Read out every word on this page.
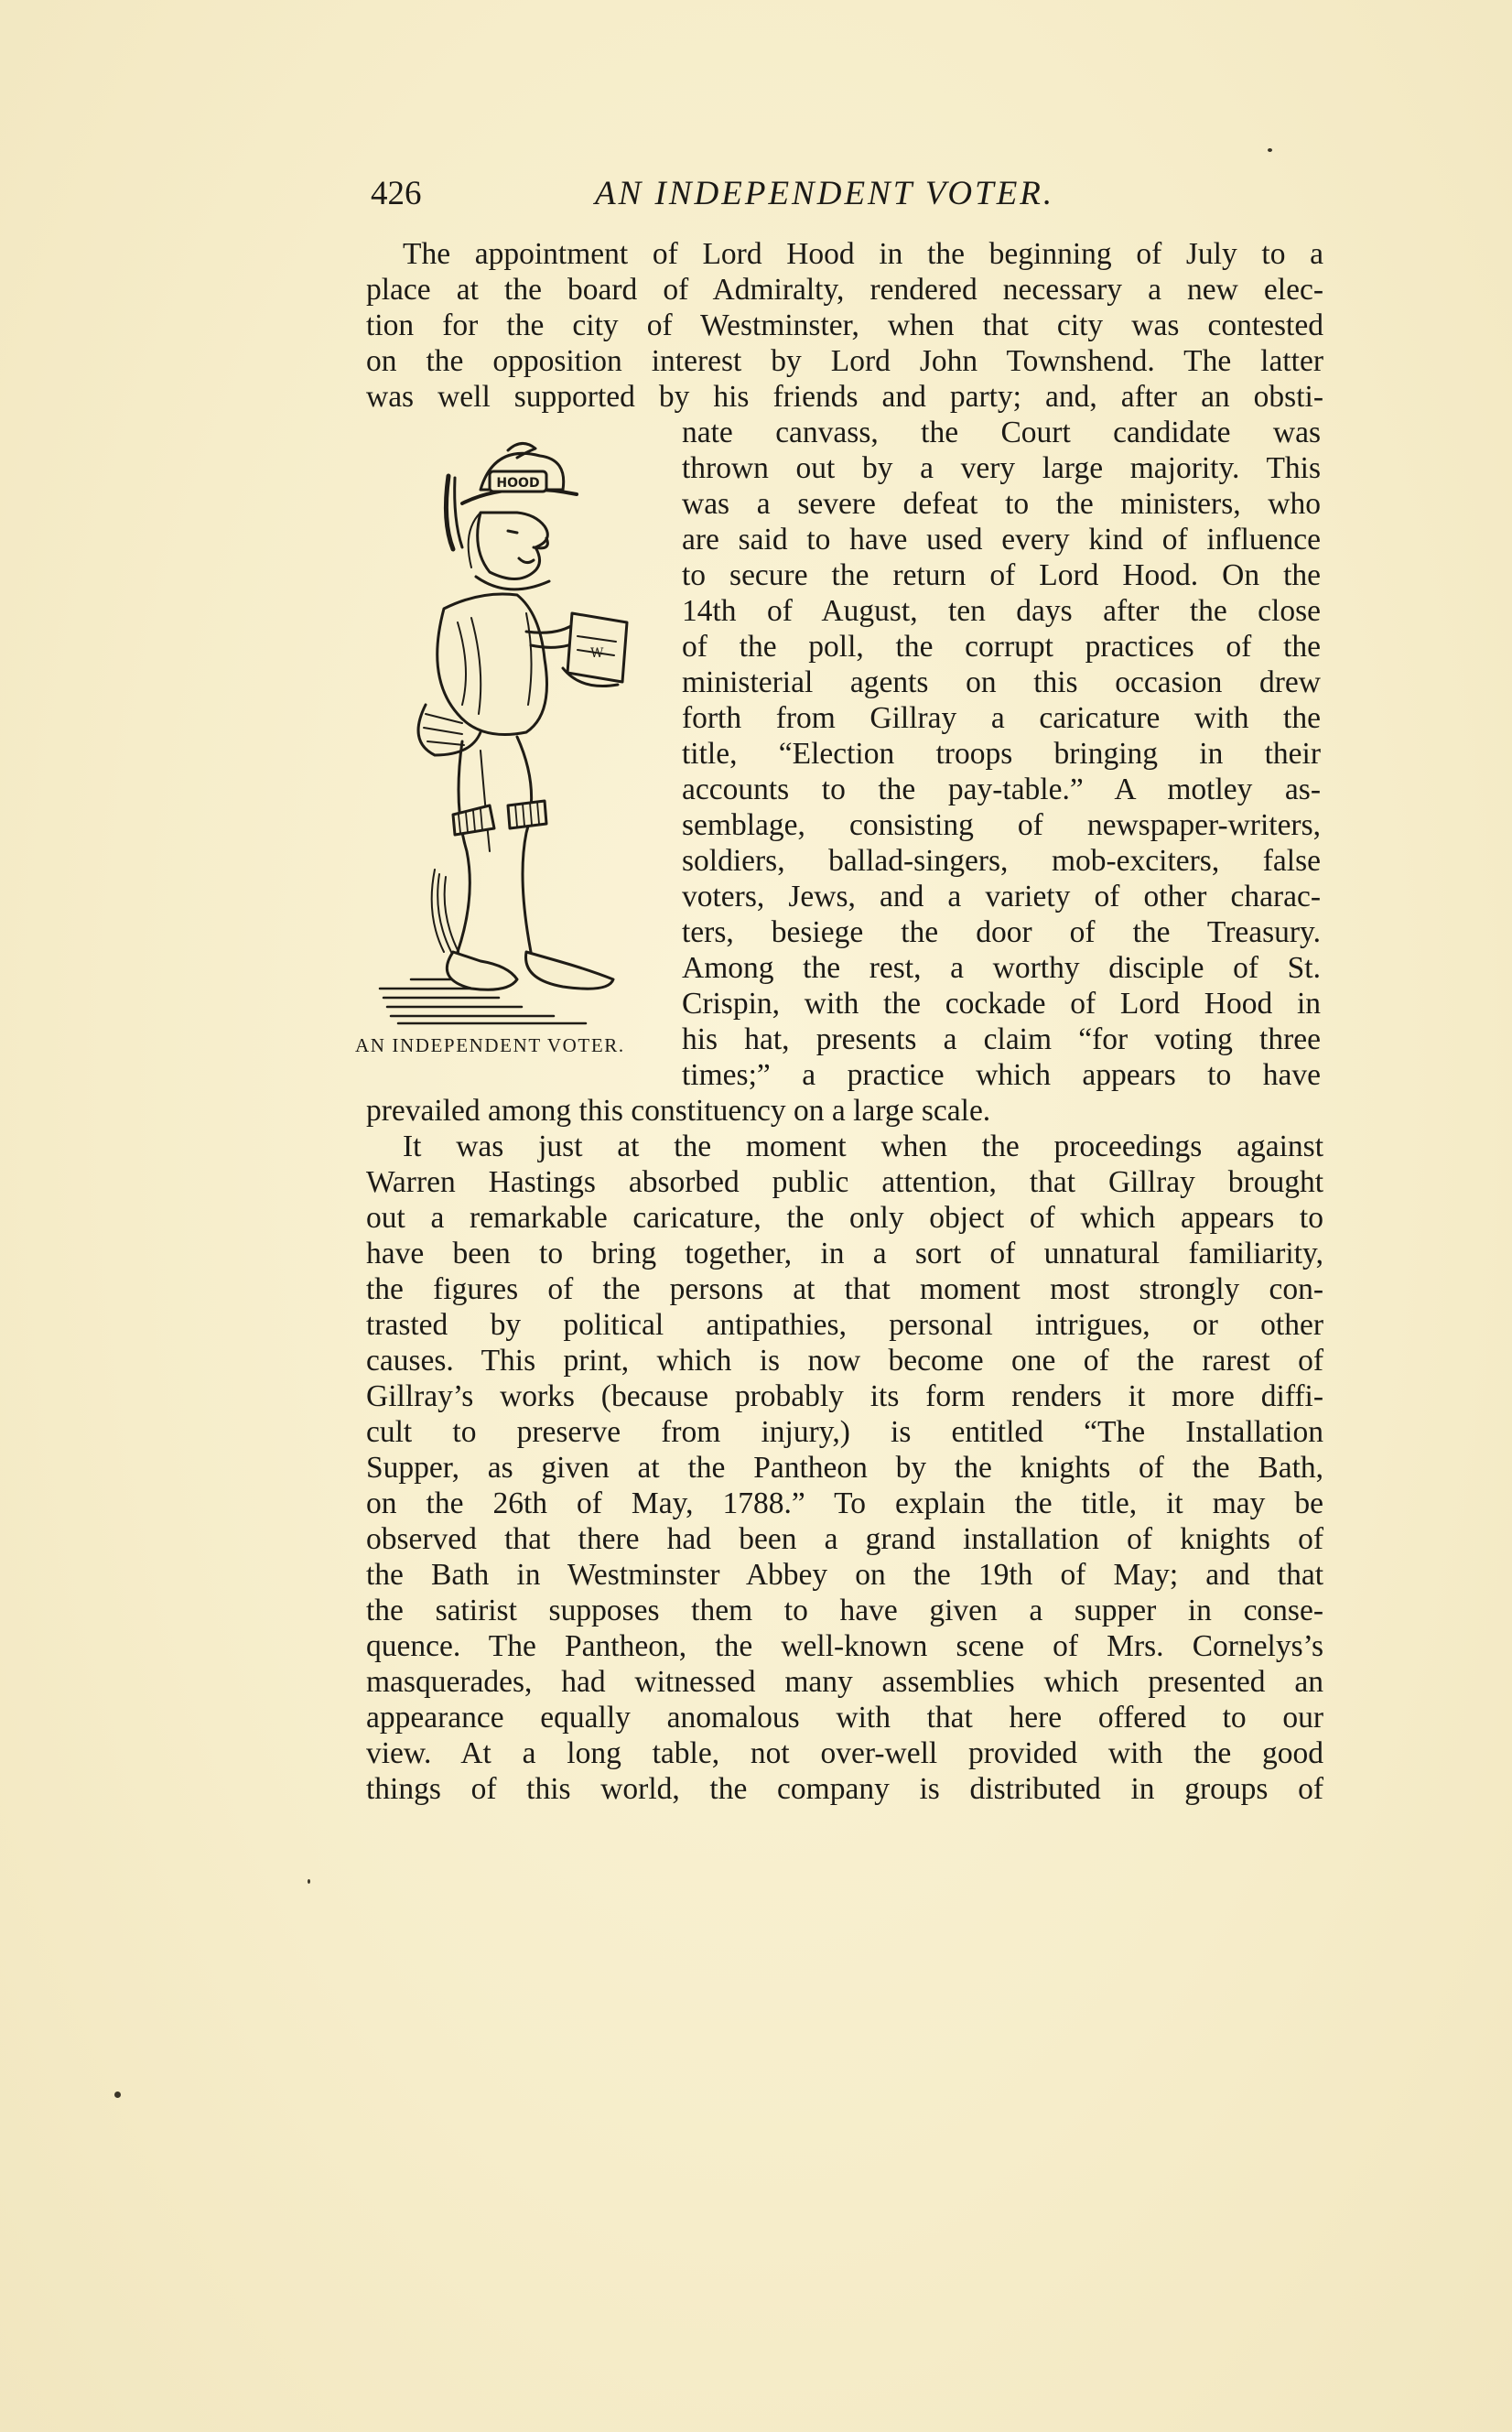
426	AN INDEPENDENT VOTER.
The appointment of Lord Hood in the beginning of July to a
place at the board of Admiralty, rendered necessary a new elec-
tion for the city of Westminster, when that city was contested
on the opposition interest by Lord John Townshend. The latter
was well supported by his friends and party; and, after an obsti-
nate canvass, the Court candidate was
thrown out by a very large majority. This
was a severe defeat to the ministers, who
are said to have used every kind of influence
to secure the return of Lord Hood. On the
14th of August, ten days after the close
of the poll, the corrupt practices of the
ministerial agents on this occasion drew
forth from Gillray a caricature with the
title, “Election troops bringing in their
accounts to the pay-table.” A motley as-
semblage, consisting of newspaper-writers,
soldiers, ballad-singers, mob-exciters, false
voters, Jews, and a variety of other charac-
ters, besiege the door of the Treasury.
Among the rest, a worthy disciple of St.
Crispin, with the cockade of Lord Hood in
his hat, presents a claim “for voting three
times;” a practice which appears to have
prevailed among this constituency on a large scale.
HOOD
W
AN INDEPENDENT VOTER.
It was just at the moment when the proceedings against
Warren Hastings absorbed public attention, that Gillray brought
out a remarkable caricature, the only object of which appears to
have been to bring together, in a sort of unnatural familiarity,
the figures of the persons at that moment most strongly con-
trasted by political antipathies, personal intrigues, or other
causes. This print, which is now become one of the rarest of
Gillray’s works (because probably its form renders it more diffi-
cult to preserve from injury,) is entitled “The Installation
Supper, as given at the Pantheon by the knights of the Bath,
on the 26th of May, 1788.” To explain the title, it may be
observed that there had been a grand installation of knights of
the Bath in Westminster Abbey on the 19th of May; and that
the satirist supposes them to have given a supper in conse-
quence. The Pantheon, the well-known scene of Mrs. Cornelys’s
masquerades, had witnessed many assemblies which presented an
appearance equally anomalous with that here offered to our
view. At a long table, not over-well provided with the good
things of this world, the company is distributed in groups of
